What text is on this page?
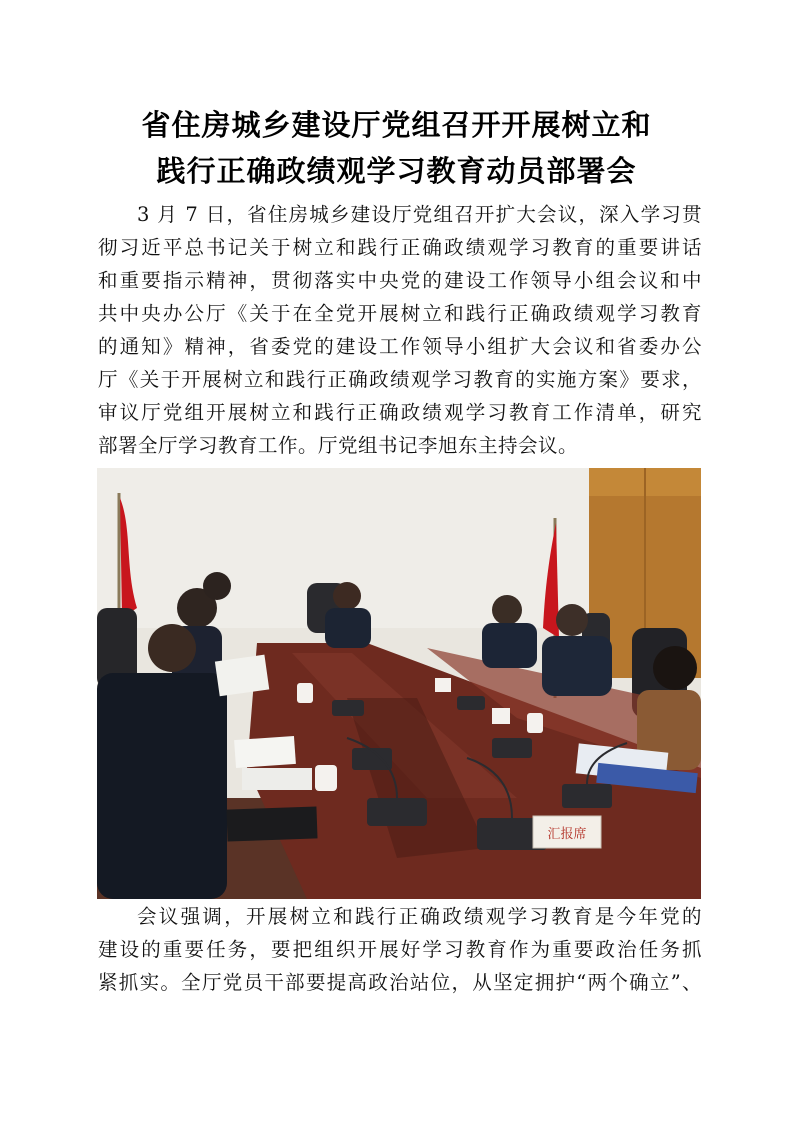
省住房城乡建设厅党组召开开展树立和
践行正确政绩观学习教育动员部署会
3 月 7 日，省住房城乡建设厅党组召开扩大会议，深入学习贯
彻习近平总书记关于树立和践行正确政绩观学习教育的重要讲话
和重要指示精神，贯彻落实中央党的建设工作领导小组会议和中
共中央办公厅《关于在全党开展树立和践行正确政绩观学习教育
的通知》精神，省委党的建设工作领导小组扩大会议和省委办公
厅《关于开展树立和践行正确政绩观学习教育的实施方案》要求，
审议厅党组开展树立和践行正确政绩观学习教育工作清单，研究
部署全厅学习教育工作。厅党组书记李旭东主持会议。
汇报席
会议强调，开展树立和践行正确政绩观学习教育是今年党的
建设的重要任务，要把组织开展好学习教育作为重要政治任务抓
紧抓实。全厅党员干部要提高政治站位，从坚定拥护“两个确立”、
